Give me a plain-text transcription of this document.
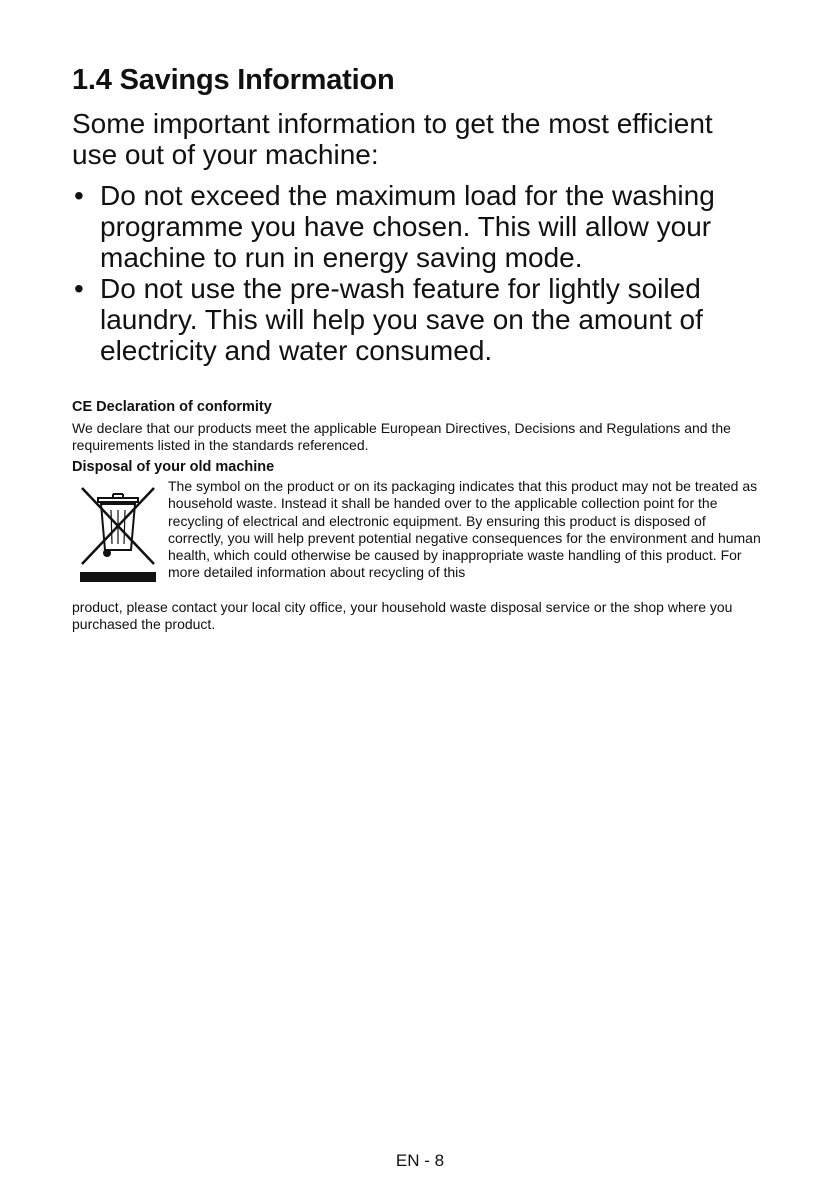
1.4 Savings Information

Some important information to get the most efficient use out of your machine:

• Do not exceed the maximum load for the washing programme you have chosen. This will allow your machine to run in energy saving mode.
• Do not use the pre-wash feature for lightly soiled laundry. This will help you save on the amount of electricity and water consumed.
CE Declaration of conformity

We declare that our products meet the applicable European Directives, Decisions and Regulations and the requirements listed in the standards referenced.

Disposal of your old machine

The symbol on the product or on its packaging indicates that this product may not be treated as household waste. Instead it shall be handed over to the applicable collection point for the recycling of electrical and electronic equipment. By ensuring this product is disposed of correctly, you will help prevent potential negative consequences for the environment and human health, which could otherwise be caused by inappropriate waste handling of this product. For more detailed information about recycling of this

product, please contact your local city office, your household waste disposal service or the shop where you purchased the product.

EN - 8
